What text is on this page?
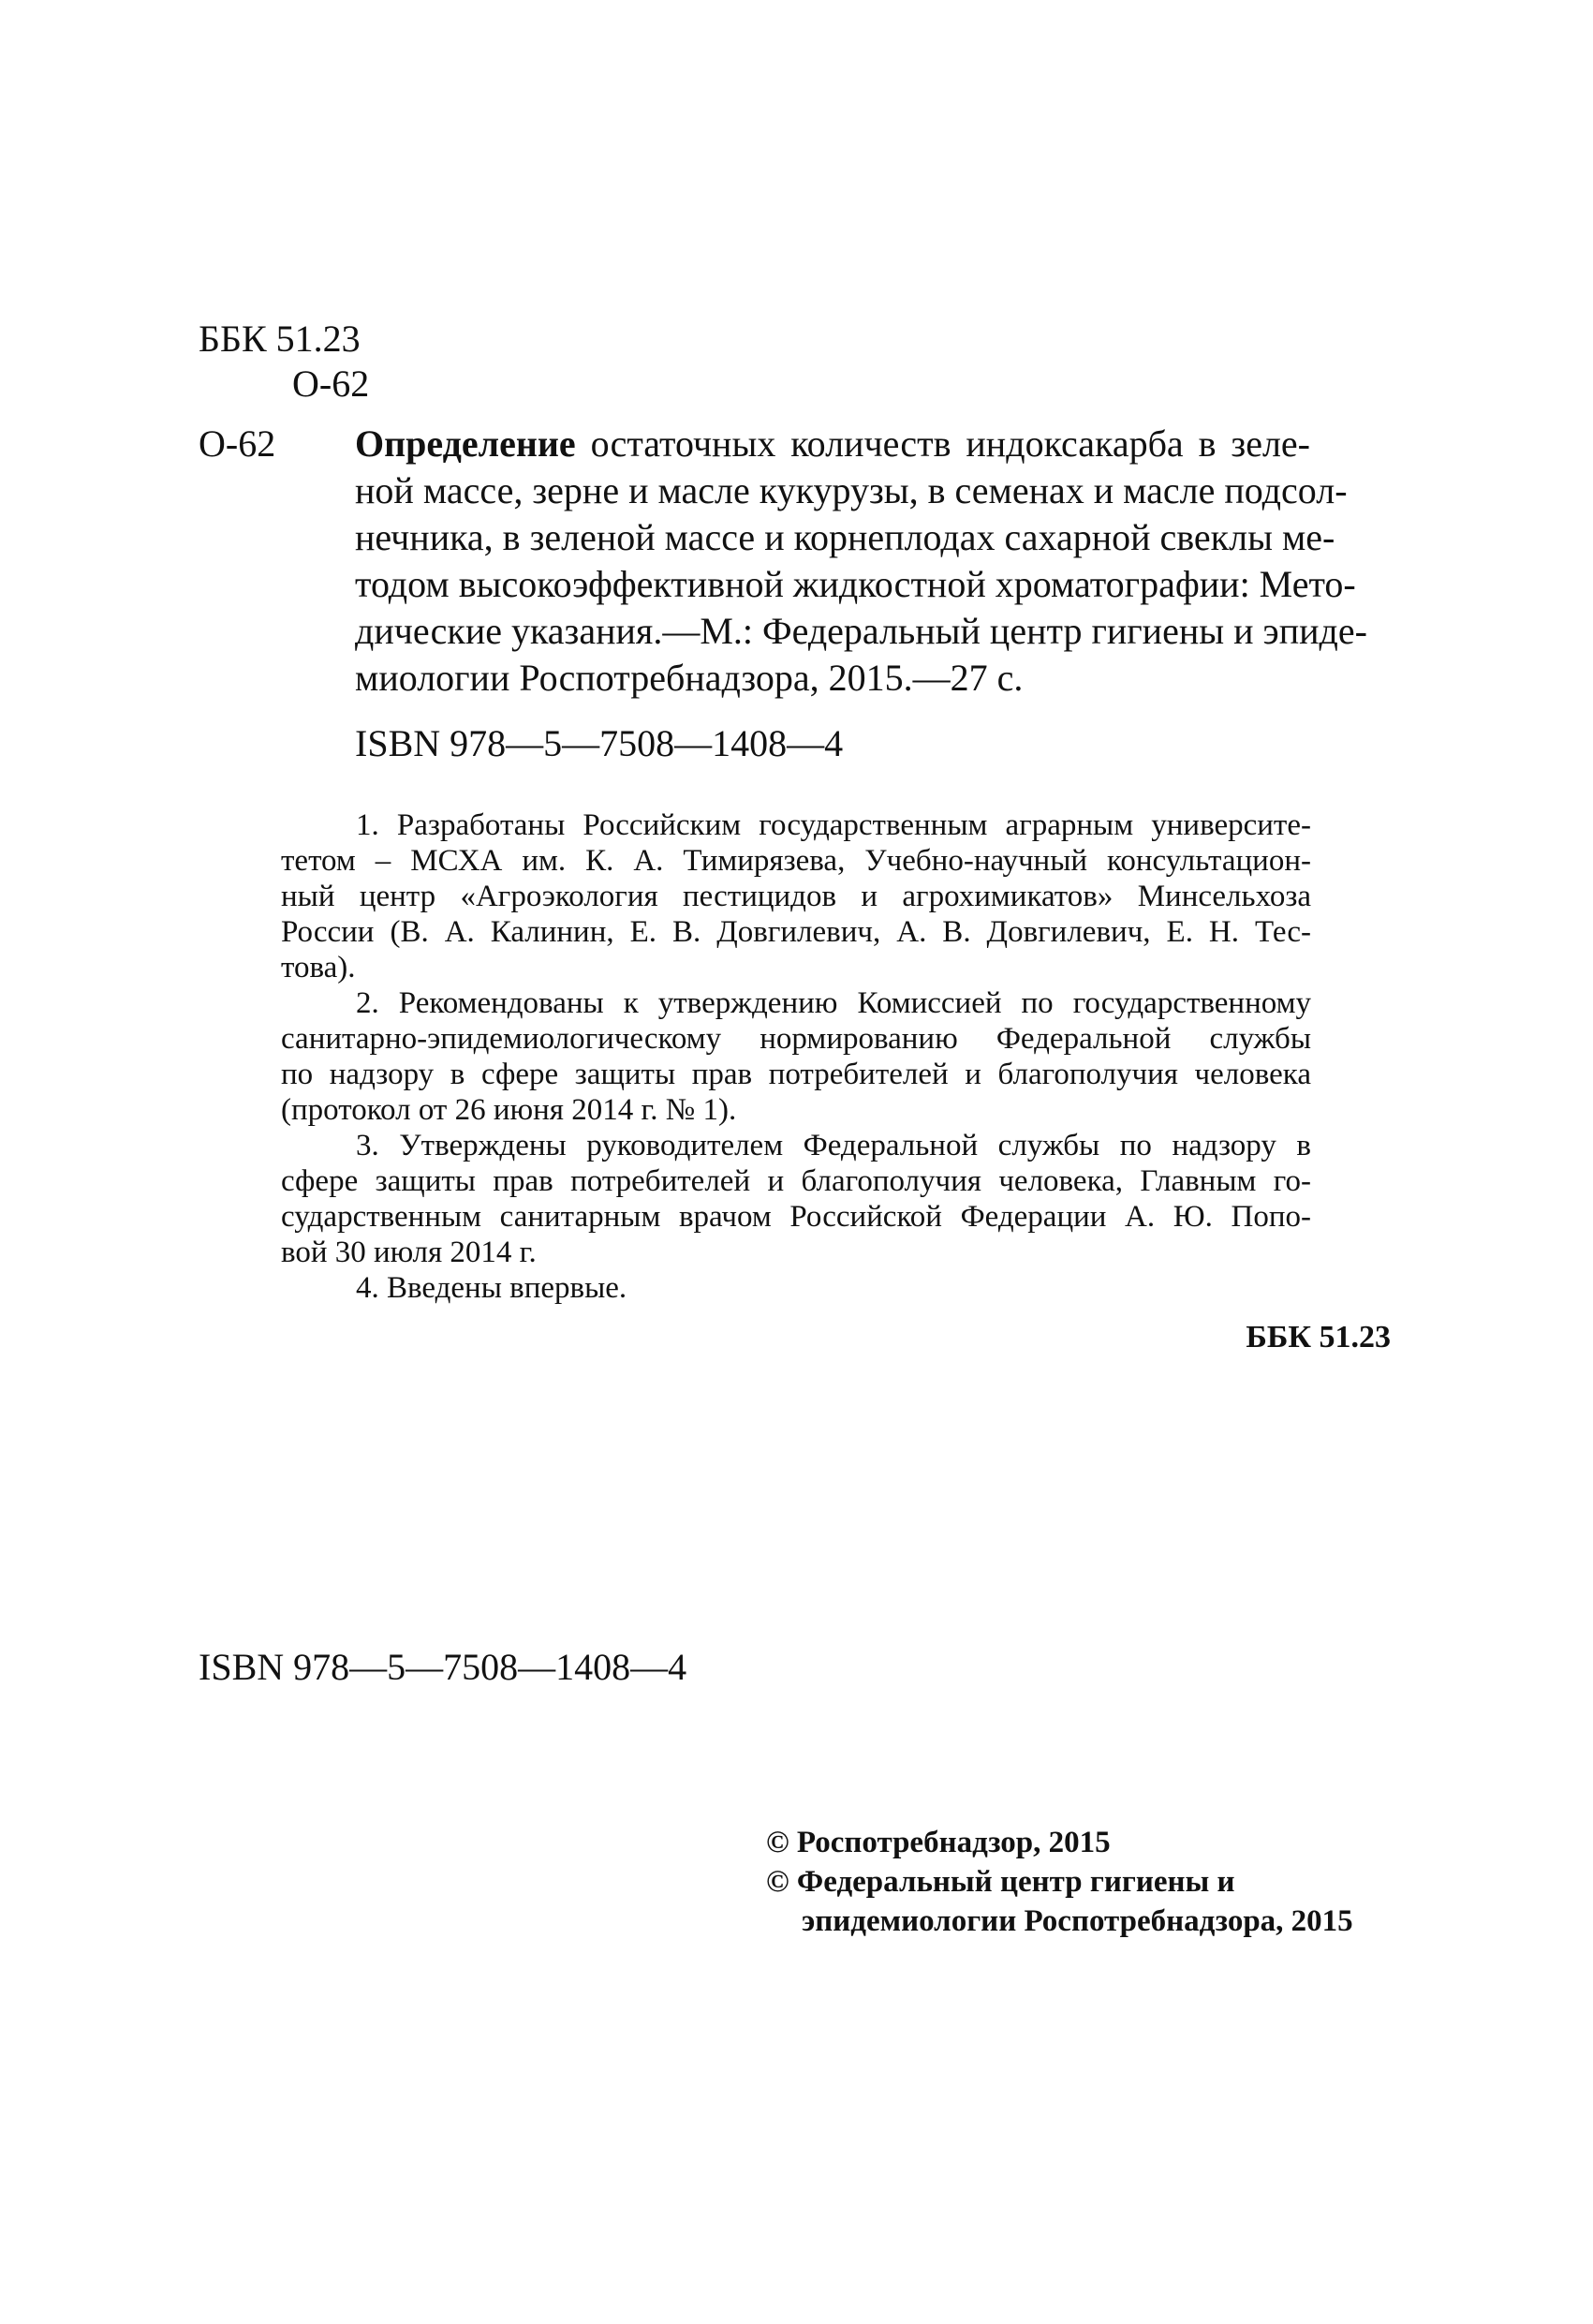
ББК 51.23
О-62
О-62 Определение остаточных количеств индоксакарба в зеле-
ной массе, зерне и масле кукурузы, в семенах и масле подсол-
нечника, в зеленой массе и корнеплодах сахарной свеклы ме-
тодом высокоэффективной жидкостной хроматографии: Мето-
дические указания.—М.: Федеральный центр гигиены и эпиде-
миологии Роспотребнадзора, 2015.—27 с.
ISBN 978—5—7508—1408—4
1. Разработаны Российским государственным аграрным университе-
тетом – МСХА им. К. А. Тимирязева, Учебно-научный консультацион-
ный центр «Агроэкология пестицидов и агрохимикатов» Минсельхоза
России (В. А. Калинин, Е. В. Довгилевич, А. В. Довгилевич, Е. Н. Тес-
това).
2. Рекомендованы к утверждению Комиссией по государственному
санитарно-эпидемиологическому нормированию Федеральной службы
по надзору в сфере защиты прав потребителей и благополучия человека
(протокол от 26 июня 2014 г. № 1).
3. Утверждены руководителем Федеральной службы по надзору в
сфере защиты прав потребителей и благополучия человека, Главным го-
сударственным санитарным врачом Российской Федерации А. Ю. Попо-
вой 30 июля 2014 г.
4. Введены впервые.
ББК 51.23
ISBN 978—5—7508—1408—4
© Роспотребнадзор, 2015
© Федеральный центр гигиены и
эпидемиологии Роспотребнадзора, 2015
